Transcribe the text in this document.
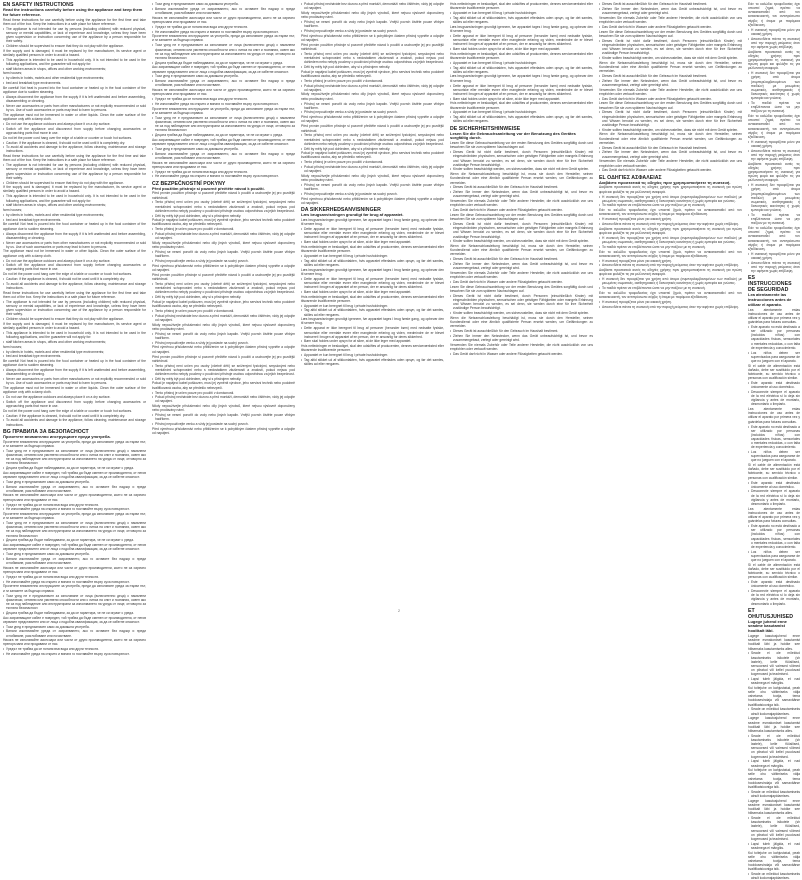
EN SAFETY INSTRUCTIONS
Read the instructions carefully before using the appliance and keep them for future reference.
Read these instructions for use carefully before using the appliance for the first time and take them out of the box. Keep the instructions in a safe place for future reference.
• The appliance is not intended for use by persons (including children) with reduced physical, sensory or mental capabilities, or lack of experience and knowledge, unless they have been given supervision or instruction concerning use of the appliance by a person responsible for their safety.
• Children should be supervised to ensure that they do not play with the appliance.
If the supply cord is damaged, it must be replaced by the manufacturer, its service agent or similarly qualified persons in order to avoid a hazard.
• This appliance is intended to be used in household only. It is not intended to be used in the following applications, and the guarantee will not apply for:
• staff kitchen areas in shops, offices and other working environments;
farm houses;
• by clients in hotels, motels and other residential type environments;
• bed and breakfast type environments.
Be careful! Not heat is poured into the food container or heated up in the food container of the appliance due to sudden steaming.
• Always disconnect the appliance from the supply if it is left unattended and before assembling, disassembling or cleaning.
• Never use accessories or parts from other manufacturers or not explicitly recommended or sold by us. Use of such accessories or parts may lead to harm to persons.
The appliance must not be immersed in water or other liquids. Clean the outer surface of the appliance only with a damp cloth.
• Do not use the appliance outdoors and always place it on a dry surface.
• Switch off the appliance and disconnect from supply before changing accessories or approaching parts that move in use.
Do not let the power cord hang over the edge of a table or counter or touch hot surfaces.
• Caution: if the appliance is cleaned, it should not be used until it is completely dry.
• To avoid all accidents and damage to the appliance, follow cleaning, maintenance and storage instructions.
Read these instructions for use carefully before using the appliance for the first time and take them out of the box. Keep the instructions in a safe place for future reference.
• The appliance is not intended for use by persons (including children) with reduced physical, sensory or mental capabilities, or lack of experience and knowledge, unless they have been given supervision or instruction concerning use of the appliance by a person responsible for their safety.
• Children should be supervised to ensure that they do not play with the appliance.
If the supply cord is damaged, it must be replaced by the manufacturer, its service agent or similarly qualified persons in order to avoid a hazard.
• This appliance is intended to be used in household only. It is not intended to be used in the following applications, and the guarantee will not apply for:
• staff kitchen areas in shops, offices and other working environments;
farm houses;
• by clients in hotels, motels and other residential type environments;
• bed and breakfast type environments.
Be careful! Not heat is poured into the food container or heated up in the food container of the appliance due to sudden steaming.
• Always disconnect the appliance from the supply if it is left unattended and before assembling, disassembling or cleaning.
• Never use accessories or parts from other manufacturers or not explicitly recommended or sold by us. Use of such accessories or parts may lead to harm to persons.
The appliance must not be immersed in water or other liquids. Clean the outer surface of the appliance only with a damp cloth.
• Do not use the appliance outdoors and always place it on a dry surface.
• Switch off the appliance and disconnect from supply before changing accessories or approaching parts that move in use.
Do not let the power cord hang over the edge of a table or counter or touch hot surfaces.
• Caution: if the appliance is cleaned, it should not be used until it is completely dry.
• To avoid all accidents and damage to the appliance, follow cleaning, maintenance and storage instructions.
Read these instructions for use carefully before using the appliance for the first time and take them out of the box. Keep the instructions in a safe place for future reference.
• The appliance is not intended for use by persons (including children) with reduced physical, sensory or mental capabilities, or lack of experience and knowledge, unless they have been given supervision or instruction concerning use of the appliance by a person responsible for their safety.
• Children should be supervised to ensure that they do not play with the appliance.
If the supply cord is damaged, it must be replaced by the manufacturer, its service agent or similarly qualified persons in order to avoid a hazard.
• This appliance is intended to be used in household only. It is not intended to be used in the following applications, and the guarantee will not apply for:
• staff kitchen areas in shops, offices and other working environments;
farm houses;
• by clients in hotels, motels and other residential type environments;
• bed and breakfast type environments.
Be careful! Not heat is poured into the food container or heated up in the food container of the appliance due to sudden steaming.
• Always disconnect the appliance from the supply if it is left unattended and before assembling, disassembling or cleaning.
• Never use accessories or parts from other manufacturers or not explicitly recommended or sold by us. Use of such accessories or parts may lead to harm to persons.
The appliance must not be immersed in water or other liquids. Clean the outer surface of the appliance only with a damp cloth.
• Do not use the appliance outdoors and always place it on a dry surface.
• Switch off the appliance and disconnect from supply before changing accessories or approaching parts that move in use.
Do not let the power cord hang over the edge of a table or counter or touch hot surfaces.
• Caution: if the appliance is cleaned, it should not be used until it is completely dry.
• To avoid all accidents and damage to the appliance, follow cleaning, maintenance and storage instructions.
BG ПРАВИЛА ЗА БЕЗОПАСНОСТ
Прочетете внимателно инструкциите преди употреба.
Прочетете внимателно инструкциите за употреба, преди да използвате уреда за първи път, и ги запазете за бъдещи справки.
• Този уред не е предназначен за използване от лица (включително деца) с намалени физически, сетивни или умствени способности или с липса на опит и познания, освен ако не са под наблюдение или инструктирани за използването на уреда от лице, отговорно за тяхната безопасност.
• Децата трябва да бъдат наблюдавани, за да се гарантира, че не си играят с уреда.
Ако захранващият кабел е повреден, той трябва да бъде сменен от производителя, от негов сервизен представител или от лица с подобна квалификация, за да се избегне опасност.
• Този уред е предназначен само за домашна употреба.
• Винаги изключвайте уреда от захранването, ако го оставяте без надзор и преди сглобяване, разглобяване или почистване.
Никога не използвайте аксесоари или части от други производители, които не са изрично препоръчани или продавани от нас.
• Уредът не трябва да се потапя във вода или други течности.
• Не използвайте уреда на открито и винаги го поставяйте върху суха повърхност.
Прочетете внимателно инструкциите за употреба, преди да използвате уреда за първи път, и ги запазете за бъдещи справки.
• Този уред не е предназначен за използване от лица (включително деца) с намалени физически, сетивни или умствени способности или с липса на опит и познания, освен ако не са под наблюдение или инструктирани за използването на уреда от лице, отговорно за тяхната безопасност.
• Децата трябва да бъдат наблюдавани, за да се гарантира, че не си играят с уреда.
Ако захранващият кабел е повреден, той трябва да бъде сменен от производителя, от негов сервизен представител или от лица с подобна квалификация, за да се избегне опасност.
• Този уред е предназначен само за домашна употреба.
• Винаги изключвайте уреда от захранването, ако го оставяте без надзор и преди сглобяване, разглобяване или почистване.
Никога не използвайте аксесоари или части от други производители, които не са изрично препоръчани или продавани от нас.
• Уредът не трябва да се потапя във вода или други течности.
• Не използвайте уреда на открито и винаги го поставяйте върху суха повърхност.
Прочетете внимателно инструкциите за употреба, преди да използвате уреда за първи път, и ги запазете за бъдещи справки.
• Този уред не е предназначен за използване от лица (включително деца) с намалени физически, сетивни или умствени способности или с липса на опит и познания, освен ако не са под наблюдение или инструктирани за използването на уреда от лице, отговорно за тяхната безопасност.
• Децата трябва да бъдат наблюдавани, за да се гарантира, че не си играят с уреда.
Ако захранващият кабел е повреден, той трябва да бъде сменен от производителя, от негов сервизен представител или от лица с подобна квалификация, за да се избегне опасност.
• Този уред е предназначен само за домашна употреба.
• Винаги изключвайте уреда от захранването, ако го оставяте без надзор и преди сглобяване, разглобяване или почистване.
Никога не използвайте аксесоари или части от други производители, които не са изрично препоръчани или продавани от нас.
• Уредът не трябва да се потапя във вода или други течности.
• Не използвайте уреда на открито и винаги го поставяйте върху суха повърхност.
• Този уред е предназначен само за домашна употреба.
• Винаги изключвайте уреда от захранването, ако го оставяте без надзор и преди сглобяване, разглобяване или почистване.
Никога не използвайте аксесоари или части от други производители, които не са изрично препоръчани или продавани от нас.
• Уредът не трябва да се потапя във вода или други течности.
• Не използвайте уреда на открито и винаги го поставяйте върху суха повърхност.
Прочетете внимателно инструкциите за употреба, преди да използвате уреда за първи път, и ги запазете за бъдещи справки.
• Този уред не е предназначен за използване от лица (включително деца) с намалени физически, сетивни или умствени способности или с липса на опит и познания, освен ако не са под наблюдение или инструктирани за използването на уреда от лице, отговорно за тяхната безопасност.
• Децата трябва да бъдат наблюдавани, за да се гарантира, че не си играят с уреда.
Ако захранващият кабел е повреден, той трябва да бъде сменен от производителя, от негов сервизен представител или от лица с подобна квалификация, за да се избегне опасност.
• Този уред е предназначен само за домашна употреба.
• Винаги изключвайте уреда от захранването, ако го оставяте без надзор и преди сглобяване, разглобяване или почистване.
Никога не използвайте аксесоари или части от други производители, които не са изрично препоръчани или продавани от нас.
• Уредът не трябва да се потапя във вода или други течности.
• Не използвайте уреда на открито и винаги го поставяйте върху суха повърхност.
Прочетете внимателно инструкциите за употреба, преди да използвате уреда за първи път, и ги запазете за бъдещи справки.
• Този уред не е предназначен за използване от лица (включително деца) с намалени физически, сетивни или умствени способности или с липса на опит и познания, освен ако не са под наблюдение или инструктирани за използването на уреда от лице, отговорно за тяхната безопасност.
• Децата трябва да бъдат наблюдавани, за да се гарантира, че не си играят с уреда.
Ако захранващият кабел е повреден, той трябва да бъде сменен от производителя, от негов сервизен представител или от лица с подобна квалификация, за да се избегне опасност.
• Този уред е предназначен само за домашна употреба.
• Винаги изключвайте уреда от захранването, ако го оставяте без надзор и преди сглобяване, разглобяване или почистване.
Никога не използвайте аксесоари или части от други производители, които не са изрично препоръчани или продавани от нас.
• Уредът не трябва да се потапя във вода или други течности.
• Не използвайте уреда на открито и винаги го поставяйте върху суха повърхност.
CZ BEZPEČNOSTNÍ POKYNY
Před použitím přístroje si pozorně přečtěte návod k použití.
Před prvním použitím přístroje si pozorně přečtěte návod k použití a uschovejte jej pro pozdější nahlédnutí.
• Tento přístroj není určen pro osoby (včetně dětí) se sníženými fyzickými, smyslovými nebo mentálními schopnostmi nebo s nedostatkem zkušeností a znalostí, pokud nejsou pod dohledem nebo nebyly poučeny o používání přístroje osobou odpovědnou za jejich bezpečnost.
• Děti by měly být pod dohledem, aby si s přístrojem nehrály.
Pokud je napájecí kabel poškozen, musí jej vyměnit výrobce, jeho servisní technik nebo podobně kvalifikovaná osoba, aby se předešlo nebezpečí.
• Tento přístroj je určen pouze pro použití v domácnosti.
• Pokud přístroj necháváte bez dozoru a před montáží, demontáží nebo čištěním, vždy jej odpojte od napájení.
Nikdy nepoužívejte příslušenství nebo díly jiných výrobců, které nejsou výslovně doporučeny nebo prodávány námi.
• Přístroj se nesmí ponořit do vody nebo jiných kapalin. Vnější povrch čistěte pouze vlhkým hadříkem.
• Přístroj nepoužívejte venku a vždy jej postavte na suchý povrch.
Před výměnou příslušenství nebo přiblížením se k pohyblivým částem přístroj vypněte a odpojte od napájení.
Před prvním použitím přístroje si pozorně přečtěte návod k použití a uschovejte jej pro pozdější nahlédnutí.
• Tento přístroj není určen pro osoby (včetně dětí) se sníženými fyzickými, smyslovými nebo mentálními schopnostmi nebo s nedostatkem zkušeností a znalostí, pokud nejsou pod dohledem nebo nebyly poučeny o používání přístroje osobou odpovědnou za jejich bezpečnost.
• Děti by měly být pod dohledem, aby si s přístrojem nehrály.
Pokud je napájecí kabel poškozen, musí jej vyměnit výrobce, jeho servisní technik nebo podobně kvalifikovaná osoba, aby se předešlo nebezpečí.
• Tento přístroj je určen pouze pro použití v domácnosti.
• Pokud přístroj necháváte bez dozoru a před montáží, demontáží nebo čištěním, vždy jej odpojte od napájení.
Nikdy nepoužívejte příslušenství nebo díly jiných výrobců, které nejsou výslovně doporučeny nebo prodávány námi.
• Přístroj se nesmí ponořit do vody nebo jiných kapalin. Vnější povrch čistěte pouze vlhkým hadříkem.
• Přístroj nepoužívejte venku a vždy jej postavte na suchý povrch.
Před výměnou příslušenství nebo přiblížením se k pohyblivým částem přístroj vypněte a odpojte od napájení.
Před prvním použitím přístroje si pozorně přečtěte návod k použití a uschovejte jej pro pozdější nahlédnutí.
• Tento přístroj není určen pro osoby (včetně dětí) se sníženými fyzickými, smyslovými nebo mentálními schopnostmi nebo s nedostatkem zkušeností a znalostí, pokud nejsou pod dohledem nebo nebyly poučeny o používání přístroje osobou odpovědnou za jejich bezpečnost.
• Děti by měly být pod dohledem, aby si s přístrojem nehrály.
Pokud je napájecí kabel poškozen, musí jej vyměnit výrobce, jeho servisní technik nebo podobně kvalifikovaná osoba, aby se předešlo nebezpečí.
• Tento přístroj je určen pouze pro použití v domácnosti.
• Pokud přístroj necháváte bez dozoru a před montáží, demontáží nebo čištěním, vždy jej odpojte od napájení.
Nikdy nepoužívejte příslušenství nebo díly jiných výrobců, které nejsou výslovně doporučeny nebo prodávány námi.
• Přístroj se nesmí ponořit do vody nebo jiných kapalin. Vnější povrch čistěte pouze vlhkým hadříkem.
• Přístroj nepoužívejte venku a vždy jej postavte na suchý povrch.
Před výměnou příslušenství nebo přiblížením se k pohyblivým částem přístroj vypněte a odpojte od napájení.
• Pokud přístroj necháváte bez dozoru a před montáží, demontáží nebo čištěním, vždy jej odpojte od napájení.
Nikdy nepoužívejte příslušenství nebo díly jiných výrobců, které nejsou výslovně doporučeny nebo prodávány námi.
• Přístroj se nesmí ponořit do vody nebo jiných kapalin. Vnější povrch čistěte pouze vlhkým hadříkem.
• Přístroj nepoužívejte venku a vždy jej postavte na suchý povrch.
Před výměnou příslušenství nebo přiblížením se k pohyblivým částem přístroj vypněte a odpojte od napájení.
Před prvním použitím přístroje si pozorně přečtěte návod k použití a uschovejte jej pro pozdější nahlédnutí.
• Tento přístroj není určen pro osoby (včetně dětí) se sníženými fyzickými, smyslovými nebo mentálními schopnostmi nebo s nedostatkem zkušeností a znalostí, pokud nejsou pod dohledem nebo nebyly poučeny o používání přístroje osobou odpovědnou za jejich bezpečnost.
• Děti by měly být pod dohledem, aby si s přístrojem nehrály.
Pokud je napájecí kabel poškozen, musí jej vyměnit výrobce, jeho servisní technik nebo podobně kvalifikovaná osoba, aby se předešlo nebezpečí.
• Tento přístroj je určen pouze pro použití v domácnosti.
• Pokud přístroj necháváte bez dozoru a před montáží, demontáží nebo čištěním, vždy jej odpojte od napájení.
Nikdy nepoužívejte příslušenství nebo díly jiných výrobců, které nejsou výslovně doporučeny nebo prodávány námi.
• Přístroj se nesmí ponořit do vody nebo jiných kapalin. Vnější povrch čistěte pouze vlhkým hadříkem.
• Přístroj nepoužívejte venku a vždy jej postavte na suchý povrch.
Před výměnou příslušenství nebo přiblížením se k pohyblivým částem přístroj vypněte a odpojte od napájení.
Před prvním použitím přístroje si pozorně přečtěte návod k použití a uschovejte jej pro pozdější nahlédnutí.
• Tento přístroj není určen pro osoby (včetně dětí) se sníženými fyzickými, smyslovými nebo mentálními schopnostmi nebo s nedostatkem zkušeností a znalostí, pokud nejsou pod dohledem nebo nebyly poučeny o používání přístroje osobou odpovědnou za jejich bezpečnost.
• Děti by měly být pod dohledem, aby si s přístrojem nehrály.
Pokud je napájecí kabel poškozen, musí jej vyměnit výrobce, jeho servisní technik nebo podobně kvalifikovaná osoba, aby se předešlo nebezpečí.
• Tento přístroj je určen pouze pro použití v domácnosti.
• Pokud přístroj necháváte bez dozoru a před montáží, demontáží nebo čištěním, vždy jej odpojte od napájení.
Nikdy nepoužívejte příslušenství nebo díly jiných výrobců, které nejsou výslovně doporučeny nebo prodávány námi.
• Přístroj se nesmí ponořit do vody nebo jiných kapalin. Vnější povrch čistěte pouze vlhkým hadříkem.
• Přístroj nepoužívejte venku a vždy jej postavte na suchý povrch.
Před výměnou příslušenství nebo přiblížením se k pohyblivým částem přístroj vypněte a odpojte od napájení.
DA SIKKERHEDSANVISNINGER
Læs brugsanvisningen grundigt før brug af apparatet.
Læs brugsanvisningen grundigt igennem, før apparatet tages i brug første gang, og opbevar den til senere brug.
• Dette apparat er ikke beregnet til brug af personer (herunder børn) med nedsatte fysiske, sensoriske eller mentale evner eller manglende erfaring og viden, medmindre de er blevet instrueret i brugen af apparatet af en person, der er ansvarlig for deres sikkerhed.
• Børn skal holdes under opsyn for at sikre, at de ikke leger med apparatet.
Hvis netledningen er beskadiget, skal den udskiftes af producenten, dennes serviceværksted eller tilsvarende kvalificerede personer.
• Apparatet er kun beregnet til brug i private husholdninger.
• Tag altid stikket ud af stikkontakten, hvis apparatet efterlades uden opsyn, og før det samles, skilles ad eller rengøres.
Læs brugsanvisningen grundigt igennem, før apparatet tages i brug første gang, og opbevar den til senere brug.
• Dette apparat er ikke beregnet til brug af personer (herunder børn) med nedsatte fysiske, sensoriske eller mentale evner eller manglende erfaring og viden, medmindre de er blevet instrueret i brugen af apparatet af en person, der er ansvarlig for deres sikkerhed.
• Børn skal holdes under opsyn for at sikre, at de ikke leger med apparatet.
Hvis netledningen er beskadiget, skal den udskiftes af producenten, dennes serviceværksted eller tilsvarende kvalificerede personer.
• Apparatet er kun beregnet til brug i private husholdninger.
• Tag altid stikket ud af stikkontakten, hvis apparatet efterlades uden opsyn, og før det samles, skilles ad eller rengøres.
Læs brugsanvisningen grundigt igennem, før apparatet tages i brug første gang, og opbevar den til senere brug.
• Dette apparat er ikke beregnet til brug af personer (herunder børn) med nedsatte fysiske, sensoriske eller mentale evner eller manglende erfaring og viden, medmindre de er blevet instrueret i brugen af apparatet af en person, der er ansvarlig for deres sikkerhed.
• Børn skal holdes under opsyn for at sikre, at de ikke leger med apparatet.
Hvis netledningen er beskadiget, skal den udskiftes af producenten, dennes serviceværksted eller tilsvarende kvalificerede personer.
• Apparatet er kun beregnet til brug i private husholdninger.
• Tag altid stikket ud af stikkontakten, hvis apparatet efterlades uden opsyn, og før det samles, skilles ad eller rengøres.
Hvis netledningen er beskadiget, skal den udskiftes af producenten, dennes serviceværksted eller tilsvarende kvalificerede personer.
• Apparatet er kun beregnet til brug i private husholdninger.
• Tag altid stikket ud af stikkontakten, hvis apparatet efterlades uden opsyn, og før det samles, skilles ad eller rengøres.
Læs brugsanvisningen grundigt igennem, før apparatet tages i brug første gang, og opbevar den til senere brug.
• Dette apparat er ikke beregnet til brug af personer (herunder børn) med nedsatte fysiske, sensoriske eller mentale evner eller manglende erfaring og viden, medmindre de er blevet instrueret i brugen af apparatet af en person, der er ansvarlig for deres sikkerhed.
• Børn skal holdes under opsyn for at sikre, at de ikke leger med apparatet.
Hvis netledningen er beskadiget, skal den udskiftes af producenten, dennes serviceværksted eller tilsvarende kvalificerede personer.
• Apparatet er kun beregnet til brug i private husholdninger.
• Tag altid stikket ud af stikkontakten, hvis apparatet efterlades uden opsyn, og før det samles, skilles ad eller rengøres.
Læs brugsanvisningen grundigt igennem, før apparatet tages i brug første gang, og opbevar den til senere brug.
• Dette apparat er ikke beregnet til brug af personer (herunder børn) med nedsatte fysiske, sensoriske eller mentale evner eller manglende erfaring og viden, medmindre de er blevet instrueret i brugen af apparatet af en person, der er ansvarlig for deres sikkerhed.
• Børn skal holdes under opsyn for at sikre, at de ikke leger med apparatet.
Hvis netledningen er beskadiget, skal den udskiftes af producenten, dennes serviceværksted eller tilsvarende kvalificerede personer.
• Apparatet er kun beregnet til brug i private husholdninger.
• Tag altid stikket ud af stikkontakten, hvis apparatet efterlades uden opsyn, og før det samles, skilles ad eller rengøres.
DE SICHERHEITSHINWEISE
Lesen Sie die Gebrauchsanleitung vor der Benutzung des Gerätes sorgfältig durch.
Lesen Sie diese Gebrauchsanleitung vor der ersten Benutzung des Gerätes sorgfältig durch und bewahren Sie sie zum späteren Nachschlagen auf.
• Dieses Gerät ist nicht dafür bestimmt, durch Personen (einschließlich Kinder) mit eingeschränkten physischen, sensorischen oder geistigen Fähigkeiten oder mangels Erfahrung und Wissen benutzt zu werden, es sei denn, sie werden durch eine für ihre Sicherheit zuständige Person beaufsichtigt.
• Kinder sollten beaufsichtigt werden, um sicherzustellen, dass sie nicht mit dem Gerät spielen.
Wenn die Netzanschlussleitung beschädigt ist, muss sie durch den Hersteller, seinen Kundendienst oder eine ähnlich qualifizierte Person ersetzt werden, um Gefährdungen zu vermeiden.
• Dieses Gerät ist ausschließlich für den Gebrauch im Haushalt bestimmt.
• Ziehen Sie immer den Netzstecker, wenn das Gerät unbeaufsichtigt ist, und bevor es zusammengebaut, zerlegt oder gereinigt wird.
Verwenden Sie niemals Zubehör oder Teile anderer Hersteller, die nicht ausdrücklich von uns empfohlen oder verkauft werden.
• Das Gerät darf nicht in Wasser oder andere Flüssigkeiten getaucht werden.
Lesen Sie diese Gebrauchsanleitung vor der ersten Benutzung des Gerätes sorgfältig durch und bewahren Sie sie zum späteren Nachschlagen auf.
• Dieses Gerät ist nicht dafür bestimmt, durch Personen (einschließlich Kinder) mit eingeschränkten physischen, sensorischen oder geistigen Fähigkeiten oder mangels Erfahrung und Wissen benutzt zu werden, es sei denn, sie werden durch eine für ihre Sicherheit zuständige Person beaufsichtigt.
• Kinder sollten beaufsichtigt werden, um sicherzustellen, dass sie nicht mit dem Gerät spielen.
Wenn die Netzanschlussleitung beschädigt ist, muss sie durch den Hersteller, seinen Kundendienst oder eine ähnlich qualifizierte Person ersetzt werden, um Gefährdungen zu vermeiden.
• Dieses Gerät ist ausschließlich für den Gebrauch im Haushalt bestimmt.
• Ziehen Sie immer den Netzstecker, wenn das Gerät unbeaufsichtigt ist, und bevor es zusammengebaut, zerlegt oder gereinigt wird.
Verwenden Sie niemals Zubehör oder Teile anderer Hersteller, die nicht ausdrücklich von uns empfohlen oder verkauft werden.
• Das Gerät darf nicht in Wasser oder andere Flüssigkeiten getaucht werden.
Lesen Sie diese Gebrauchsanleitung vor der ersten Benutzung des Gerätes sorgfältig durch und bewahren Sie sie zum späteren Nachschlagen auf.
• Dieses Gerät ist nicht dafür bestimmt, durch Personen (einschließlich Kinder) mit eingeschränkten physischen, sensorischen oder geistigen Fähigkeiten oder mangels Erfahrung und Wissen benutzt zu werden, es sei denn, sie werden durch eine für ihre Sicherheit zuständige Person beaufsichtigt.
• Kinder sollten beaufsichtigt werden, um sicherzustellen, dass sie nicht mit dem Gerät spielen.
Wenn die Netzanschlussleitung beschädigt ist, muss sie durch den Hersteller, seinen Kundendienst oder eine ähnlich qualifizierte Person ersetzt werden, um Gefährdungen zu vermeiden.
• Dieses Gerät ist ausschließlich für den Gebrauch im Haushalt bestimmt.
• Ziehen Sie immer den Netzstecker, wenn das Gerät unbeaufsichtigt ist, und bevor es zusammengebaut, zerlegt oder gereinigt wird.
Verwenden Sie niemals Zubehör oder Teile anderer Hersteller, die nicht ausdrücklich von uns empfohlen oder verkauft werden.
• Das Gerät darf nicht in Wasser oder andere Flüssigkeiten getaucht werden.
• Dieses Gerät ist ausschließlich für den Gebrauch im Haushalt bestimmt.
• Ziehen Sie immer den Netzstecker, wenn das Gerät unbeaufsichtigt ist, und bevor es zusammengebaut, zerlegt oder gereinigt wird.
Verwenden Sie niemals Zubehör oder Teile anderer Hersteller, die nicht ausdrücklich von uns empfohlen oder verkauft werden.
• Das Gerät darf nicht in Wasser oder andere Flüssigkeiten getaucht werden.
Lesen Sie diese Gebrauchsanleitung vor der ersten Benutzung des Gerätes sorgfältig durch und bewahren Sie sie zum späteren Nachschlagen auf.
• Dieses Gerät ist nicht dafür bestimmt, durch Personen (einschließlich Kinder) mit eingeschränkten physischen, sensorischen oder geistigen Fähigkeiten oder mangels Erfahrung und Wissen benutzt zu werden, es sei denn, sie werden durch eine für ihre Sicherheit zuständige Person beaufsichtigt.
• Kinder sollten beaufsichtigt werden, um sicherzustellen, dass sie nicht mit dem Gerät spielen.
Wenn die Netzanschlussleitung beschädigt ist, muss sie durch den Hersteller, seinen Kundendienst oder eine ähnlich qualifizierte Person ersetzt werden, um Gefährdungen zu vermeiden.
• Dieses Gerät ist ausschließlich für den Gebrauch im Haushalt bestimmt.
• Ziehen Sie immer den Netzstecker, wenn das Gerät unbeaufsichtigt ist, und bevor es zusammengebaut, zerlegt oder gereinigt wird.
Verwenden Sie niemals Zubehör oder Teile anderer Hersteller, die nicht ausdrücklich von uns empfohlen oder verkauft werden.
• Das Gerät darf nicht in Wasser oder andere Flüssigkeiten getaucht werden.
Lesen Sie diese Gebrauchsanleitung vor der ersten Benutzung des Gerätes sorgfältig durch und bewahren Sie sie zum späteren Nachschlagen auf.
• Dieses Gerät ist nicht dafür bestimmt, durch Personen (einschließlich Kinder) mit eingeschränkten physischen, sensorischen oder geistigen Fähigkeiten oder mangels Erfahrung und Wissen benutzt zu werden, es sei denn, sie werden durch eine für ihre Sicherheit zuständige Person beaufsichtigt.
• Kinder sollten beaufsichtigt werden, um sicherzustellen, dass sie nicht mit dem Gerät spielen.
Wenn die Netzanschlussleitung beschädigt ist, muss sie durch den Hersteller, seinen Kundendienst oder eine ähnlich qualifizierte Person ersetzt werden, um Gefährdungen zu vermeiden.
• Dieses Gerät ist ausschließlich für den Gebrauch im Haushalt bestimmt.
• Ziehen Sie immer den Netzstecker, wenn das Gerät unbeaufsichtigt ist, und bevor es zusammengebaut, zerlegt oder gereinigt wird.
Verwenden Sie niemals Zubehör oder Teile anderer Hersteller, die nicht ausdrücklich von uns empfohlen oder verkauft werden.
• Das Gerät darf nicht in Wasser oder andere Flüssigkeiten getaucht werden.
EL ΟΔΗΓΙΕΣ ΑΣΦΑΛΕΙΑΣ
Διαβάστε προσεκτικά τις οδηγίες πριν χρησιμοποιήσετε τη συσκευή.
Διαβάστε προσεκτικά αυτές τις οδηγίες χρήσης πριν χρησιμοποιήσετε τη συσκευή για πρώτη φορά και φυλάξτε τις για μελλοντική αναφορά.
• Η συσκευή δεν προορίζεται για χρήση από άτομα (συμπεριλαμβανομένων των παιδιών) με μειωμένες σωματικές, αισθητηριακές ή διανοητικές ικανότητες ή χωρίς εμπειρία και γνώσεις.
• Τα παιδιά πρέπει να επιβλέπονται ώστε να μην παίζουν με τη συσκευή.
Εάν το καλώδιο τροφοδοσίας έχει υποστεί ζημιά, πρέπει να αντικατασταθεί από τον κατασκευαστή, τον αντιπρόσωπο σέρβις ή άτομα με παρόμοια εξειδίκευση.
• Η συσκευή προορίζεται μόνο για οικιακή χρήση.
• Αποσυνδέετε πάντα τη συσκευή από την παροχή ρεύματος όταν την αφήνετε χωρίς επίβλεψη.
Διαβάστε προσεκτικά αυτές τις οδηγίες χρήσης πριν χρησιμοποιήσετε τη συσκευή για πρώτη φορά και φυλάξτε τις για μελλοντική αναφορά.
• Η συσκευή δεν προορίζεται για χρήση από άτομα (συμπεριλαμβανομένων των παιδιών) με μειωμένες σωματικές, αισθητηριακές ή διανοητικές ικανότητες ή χωρίς εμπειρία και γνώσεις.
• Τα παιδιά πρέπει να επιβλέπονται ώστε να μην παίζουν με τη συσκευή.
Εάν το καλώδιο τροφοδοσίας έχει υποστεί ζημιά, πρέπει να αντικατασταθεί από τον κατασκευαστή, τον αντιπρόσωπο σέρβις ή άτομα με παρόμοια εξειδίκευση.
• Η συσκευή προορίζεται μόνο για οικιακή χρήση.
• Αποσυνδέετε πάντα τη συσκευή από την παροχή ρεύματος όταν την αφήνετε χωρίς επίβλεψη.
Διαβάστε προσεκτικά αυτές τις οδηγίες χρήσης πριν χρησιμοποιήσετε τη συσκευή για πρώτη φορά και φυλάξτε τις για μελλοντική αναφορά.
• Η συσκευή δεν προορίζεται για χρήση από άτομα (συμπεριλαμβανομένων των παιδιών) με μειωμένες σωματικές, αισθητηριακές ή διανοητικές ικανότητες ή χωρίς εμπειρία και γνώσεις.
• Τα παιδιά πρέπει να επιβλέπονται ώστε να μην παίζουν με τη συσκευή.
Εάν το καλώδιο τροφοδοσίας έχει υποστεί ζημιά, πρέπει να αντικατασταθεί από τον κατασκευαστή, τον αντιπρόσωπο σέρβις ή άτομα με παρόμοια εξειδίκευση.
• Η συσκευή προορίζεται μόνο για οικιακή χρήση.
• Αποσυνδέετε πάντα τη συσκευή από την παροχή ρεύματος όταν την αφήνετε χωρίς επίβλεψη.
Εάν το καλώδιο τροφοδοσίας έχει υποστεί ζημιά, πρέπει να αντικατασταθεί από τον κατασκευαστή, τον αντιπρόσωπο σέρβις ή άτομα με παρόμοια εξειδίκευση.
• Η συσκευή προορίζεται μόνο για οικιακή χρήση.
• Αποσυνδέετε πάντα τη συσκευή από την παροχή ρεύματος όταν την αφήνετε χωρίς επίβλεψη.
Διαβάστε προσεκτικά αυτές τις οδηγίες χρήσης πριν χρησιμοποιήσετε τη συσκευή για πρώτη φορά και φυλάξτε τις για μελλοντική αναφορά.
• Η συσκευή δεν προορίζεται για χρήση από άτομα (συμπεριλαμβανομένων των παιδιών) με μειωμένες σωματικές, αισθητηριακές ή διανοητικές ικανότητες ή χωρίς εμπειρία και γνώσεις.
• Τα παιδιά πρέπει να επιβλέπονται ώστε να μην παίζουν με τη συσκευή.
Εάν το καλώδιο τροφοδοσίας έχει υποστεί ζημιά, πρέπει να αντικατασταθεί από τον κατασκευαστή, τον αντιπρόσωπο σέρβις ή άτομα με παρόμοια εξειδίκευση.
• Η συσκευή προορίζεται μόνο για οικιακή χρήση.
• Αποσυνδέετε πάντα τη συσκευή από την παροχή ρεύματος όταν την αφήνετε χωρίς επίβλεψη.
Διαβάστε προσεκτικά αυτές τις οδηγίες χρήσης πριν χρησιμοποιήσετε τη συσκευή για πρώτη φορά και φυλάξτε τις για μελλοντική αναφορά.
• Η συσκευή δεν προορίζεται για χρήση από άτομα (συμπεριλαμβανομένων των παιδιών) με μειωμένες σωματικές, αισθητηριακές ή διανοητικές ικανότητες ή χωρίς εμπειρία και γνώσεις.
• Τα παιδιά πρέπει να επιβλέπονται ώστε να μην παίζουν με τη συσκευή.
Εάν το καλώδιο τροφοδοσίας έχει υποστεί ζημιά, πρέπει να αντικατασταθεί από τον κατασκευαστή, τον αντιπρόσωπο σέρβις ή άτομα με παρόμοια εξειδίκευση.
• Η συσκευή προορίζεται μόνο για οικιακή χρήση.
• Αποσυνδέετε πάντα τη συσκευή από την παροχή ρεύματος όταν την αφήνετε χωρίς επίβλεψη.
ES INSTRUCCIONES DE SEGURIDAD
Lea atentamente las instrucciones antes de utilizar el aparato.
Lea atentamente estas instrucciones de uso antes de utilizar el aparato por primera vez y guárdelas para futuras consultas.
• Este aparato no está destinado a ser utilizado por personas (incluidos niños) con capacidades físicas, sensoriales o mentales reducidas, o con falta de experiencia y conocimiento.
• Los niños deben ser supervisados para asegurarse de que no jueguen con el aparato.
Si el cable de alimentación está dañado, debe ser sustituido por el fabricante, su servicio técnico o personas con cualificación similar.
• Este aparato está destinado únicamente al uso doméstico.
• Desconecte siempre el aparato de la red eléctrica si lo deja sin vigilancia y antes de montarlo, desmontarlo o limpiarlo.
Lea atentamente estas instrucciones de uso antes de utilizar el aparato por primera vez y guárdelas para futuras consultas.
• Este aparato no está destinado a ser utilizado por personas (incluidos niños) con capacidades físicas, sensoriales o mentales reducidas, o con falta de experiencia y conocimiento.
• Los niños deben ser supervisados para asegurarse de que no jueguen con el aparato.
Si el cable de alimentación está dañado, debe ser sustituido por el fabricante, su servicio técnico o personas con cualificación similar.
• Este aparato está destinado únicamente al uso doméstico.
• Desconecte siempre el aparato de la red eléctrica si lo deja sin vigilancia y antes de montarlo, desmontarlo o limpiarlo.
Lea atentamente estas instrucciones de uso antes de utilizar el aparato por primera vez y guárdelas para futuras consultas.
• Este aparato no está destinado a ser utilizado por personas (incluidos niños) con capacidades físicas, sensoriales o mentales reducidas, o con falta de experiencia y conocimiento.
• Los niños deben ser supervisados para asegurarse de que no jueguen con el aparato.
Si el cable de alimentación está dañado, debe ser sustituido por el fabricante, su servicio técnico o personas con cualificación similar.
• Este aparato está destinado únicamente al uso doméstico.
• Desconecte siempre el aparato de la red eléctrica si lo deja sin vigilancia y antes de montarlo, desmontarlo o limpiarlo.
ET OHUTUSJUHISED
Lugege juhend enne seadme kasutamist hoolikalt läbi.
Lugege kasutusjuhend enne seadme esmakordset kasutamist hoolikalt läbi ja hoidke see hilisemaks kasutamiseks alles.
• Seade ei ole mõeldud kasutamiseks isikutele (sh lastele), kelle füüsilised, sensoorsed või vaimsed võimed on piiratud või kellel puuduvad kogemused ja teadmised.
• Lapsi tuleb jälgida, et nad seadmega ei mängiks.
Kui toitejuhe on kahjustatud, peab selle ohu vältimiseks välja vahetama tootja, tema hooldusesindaja või samaväärse kvalifikatsiooniga isik.
• Seade on mõeldud kasutamiseks ainult kodumajapidamises.
Lugege kasutusjuhend enne seadme esmakordset kasutamist hoolikalt läbi ja hoidke see hilisemaks kasutamiseks alles.
• Seade ei ole mõeldud kasutamiseks isikutele (sh lastele), kelle füüsilised, sensoorsed või vaimsed võimed on piiratud või kellel puuduvad kogemused ja teadmised.
• Lapsi tuleb jälgida, et nad seadmega ei mängiks.
Kui toitejuhe on kahjustatud, peab selle ohu vältimiseks välja vahetama tootja, tema hooldusesindaja või samaväärse kvalifikatsiooniga isik.
• Seade on mõeldud kasutamiseks ainult kodumajapidamises.
Lugege kasutusjuhend enne seadme esmakordset kasutamist hoolikalt läbi ja hoidke see hilisemaks kasutamiseks alles.
• Seade ei ole mõeldud kasutamiseks isikutele (sh lastele), kelle füüsilised, sensoorsed või vaimsed võimed on piiratud või kellel puuduvad kogemused ja teadmised.
• Lapsi tuleb jälgida, et nad seadmega ei mängiks.
Kui toitejuhe on kahjustatud, peab selle ohu vältimiseks välja vahetama tootja, tema hooldusesindaja või samaväärse kvalifikatsiooniga isik.
• Seade on mõeldud kasutamiseks ainult kodumajapidamises.
2
